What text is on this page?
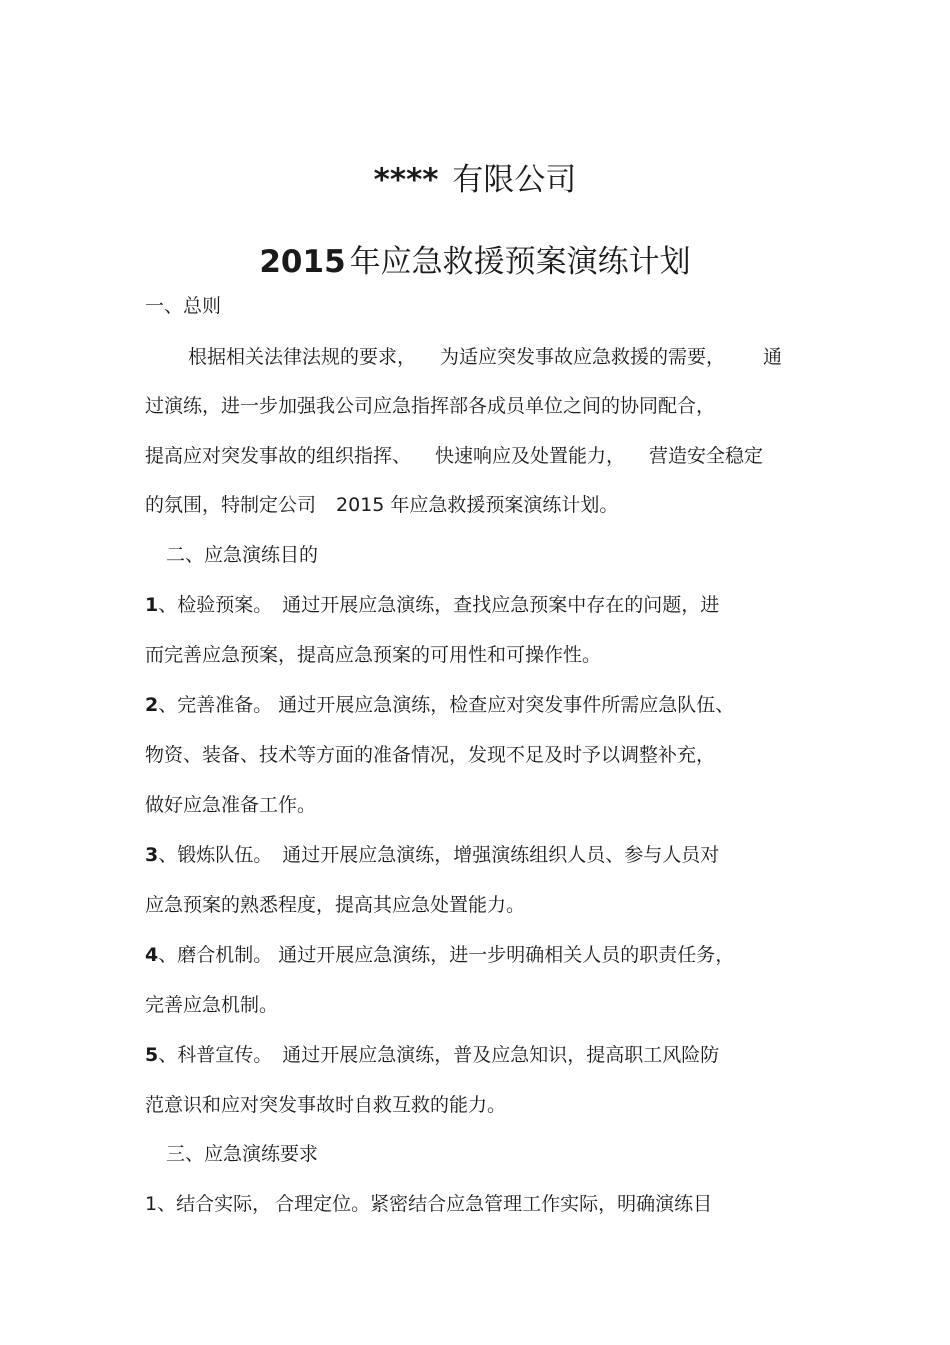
**** 有限公司
2015 年应急救援预案演练计划

一、总则

根据相关法律法规的要求， 为适应突发事故应急救援的需要， 通

过演练，进一步加强我公司应急指挥部各成员单位之间的协同配合，

提高应对突发事故的组织指挥、 快速响应及处置能力， 营造安全稳定

的氛围，特制定公司 2015 年应急救援预案演练计划。

二、应急演练目的

1、检验预案。 通过开展应急演练，查找应急预案中存在的问题，进

而完善应急预案，提高应急预案的可用性和可操作性。

2、完善准备。 通过开展应急演练，检查应对突发事件所需应急队伍、

物资、装备、技术等方面的准备情况，发现不足及时予以调整补充，

做好应急准备工作。

3、锻炼队伍。 通过开展应急演练，增强演练组织人员、参与人员对

应急预案的熟悉程度，提高其应急处置能力。

4、磨合机制。 通过开展应急演练，进一步明确相关人员的职责任务，

完善应急机制。

5、科普宣传。 通过开展应急演练，普及应急知识，提高职工风险防

范意识和应对突发事故时自救互救的能力。

三、应急演练要求

1、结合实际， 合理定位。紧密结合应急管理工作实际，明确演练目
